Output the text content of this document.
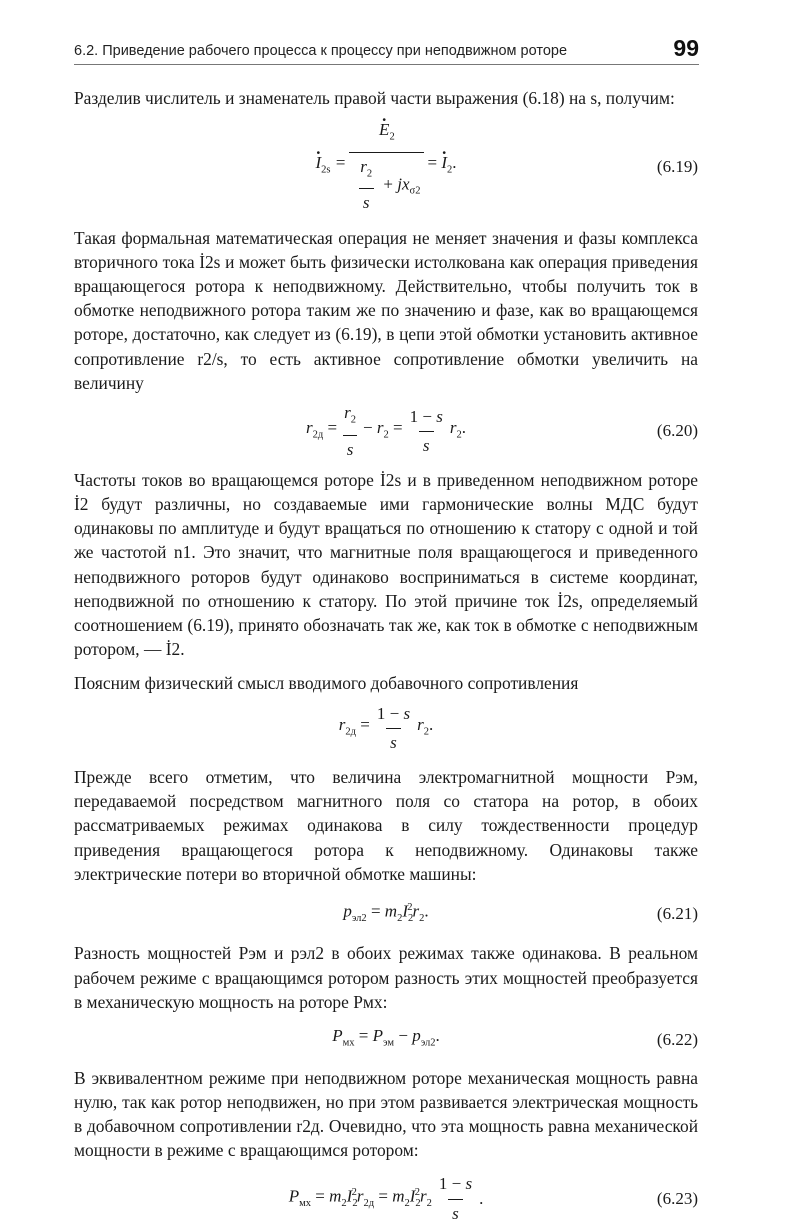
6.2. Приведение рабочего процесса к процессу при неподвижном роторе	99

Разделив числитель и знаменатель правой части выражения (6.18) на s, получим:

· $I_{2s}$ = · $\frac{E_2}{\frac{r_2}{s} + jx_{\sigma 2}}$ = · $I_2$.	(6.19)

Такая формальная математическая операция не меняет значения и фазы комплекса вторичного тока İ2s и может быть физически истолкована как операция приведения вращающегося ротора к неподвижному. Действительно, чтобы получить ток в обмотке неподвижного ротора таким же по значению и фазе, как во вращающемся роторе, достаточно, как следует из (6.19), в цепи этой обмотки установить активное сопротивление r2/s, то есть активное сопротивление обмотки увеличить на величину

$r_{2д} = \frac{r_2}{s} - r_2 = \frac{1 - s}{s} r_2$.	(6.20)

Частоты токов во вращающемся роторе İ2s и в приведенном неподвижном роторе İ2 будут различны, но создаваемые ими гармонические волны МДС будут одинаковы по амплитуде и будут вращаться по отношению к статору с одной и той же частотой n1. Это значит, что магнитные поля вращающегося и приведенного неподвижного роторов будут одинаково восприниматься в системе координат, неподвижной по отношению к статору. По этой причине ток İ2s, определяемый соотношением (6.19), принято обозначать так же, как ток в обмотке с неподвижным ротором, — İ2.

Поясним физический смысл вводимого добавочного сопротивления

$r_{2д} = \frac{1 - s}{s} r_2$.

Прежде всего отметим, что величина электромагнитной мощности Pэм, передаваемой посредством магнитного поля со статора на ротор, в обоих рассматриваемых режимах одинакова в силу тождественности процедур приведения вращающегося ротора к неподвижному. Одинаковы также электрические потери во вторичной обмотке машины:

$p_{эл2} = m_2I_2^2r_2$.	(6.21)

Разность мощностей Pэм и pэл2 в обоих режимах также одинакова. В реальном рабочем режиме с вращающимся ротором разность этих мощностей преобразуется в механическую мощность на роторе Pмх:

$P_{мх} = P_{эм} - p_{эл2}$.	(6.22)

В эквивалентном режиме при неподвижном роторе механическая мощность равна нулю, так как ротор неподвижен, но при этом развивается электрическая мощность в добавочном сопротивлении r2д. Очевидно, что эта мощность равна механической мощности в режиме с вращающимся ротором:

$P_{мх} = m_2I_2^2r_{2д} = m_2I_2^2r_2 \frac{1 - s}{s}$ .	(6.23)
